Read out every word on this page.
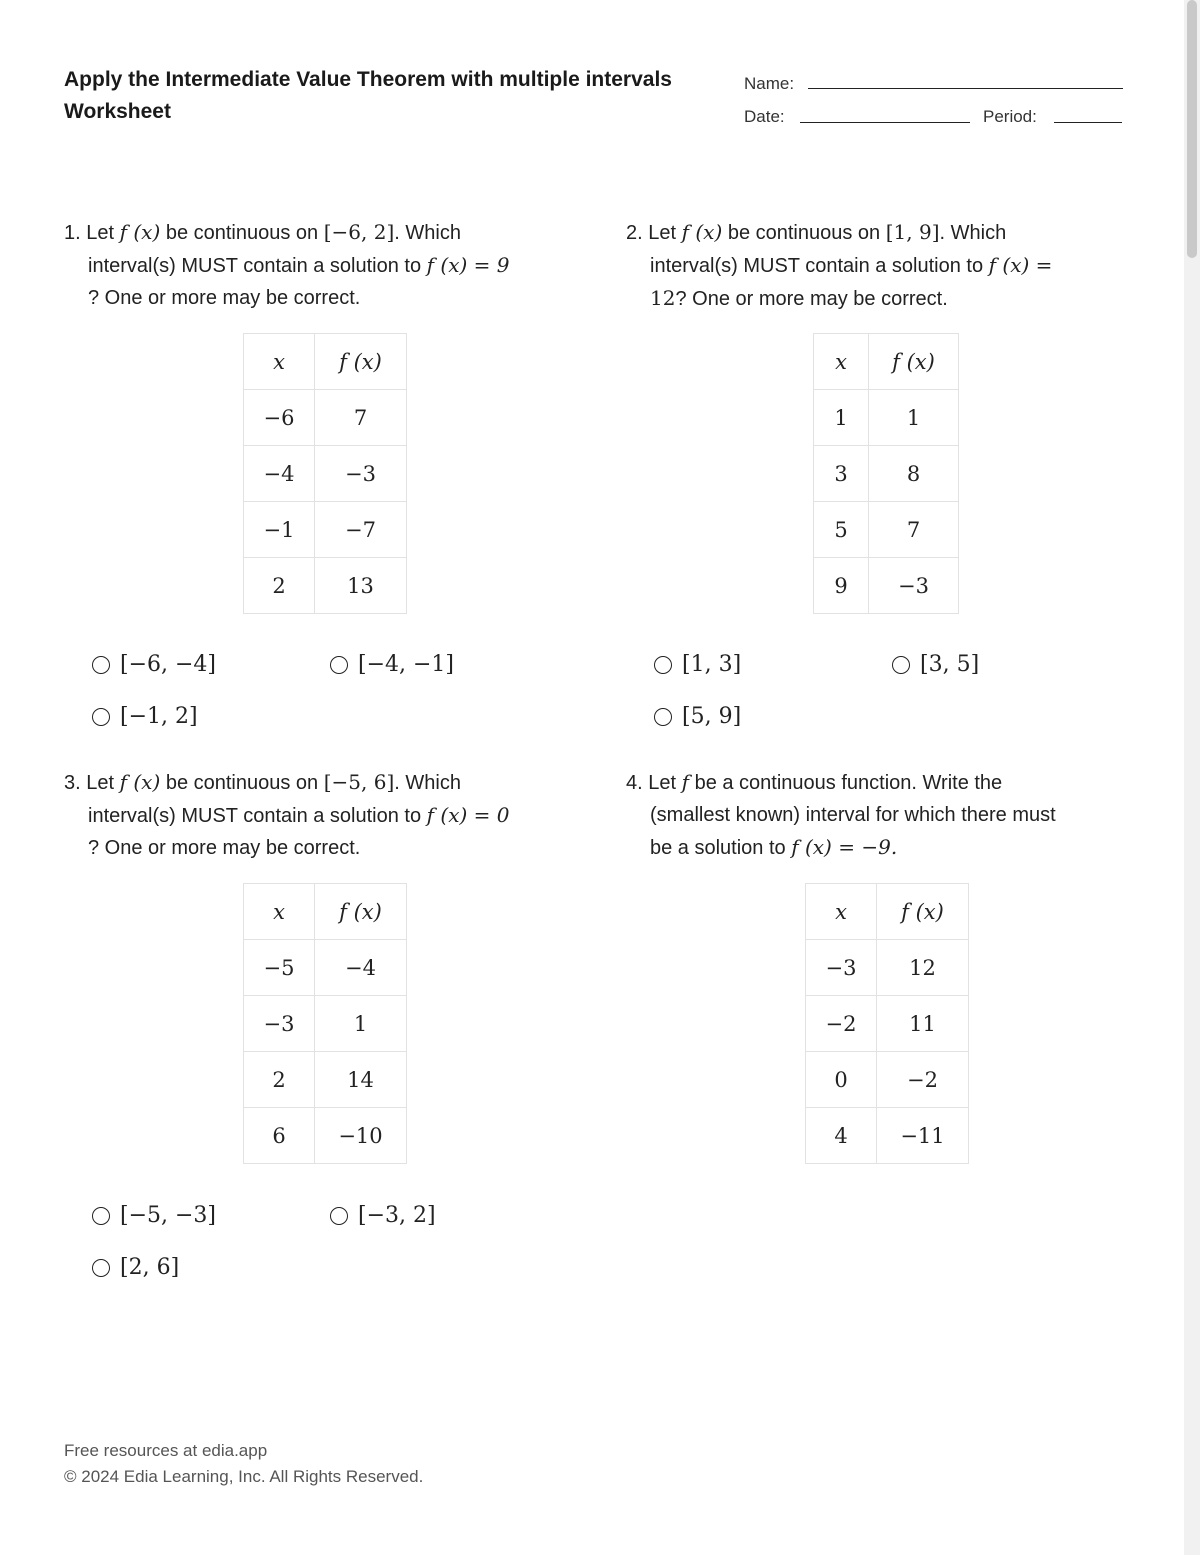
Apply the Intermediate Value Theorem with multiple intervals
Worksheet
Name:
Date:	Period:
1. Let f (x) be continuous on [−6, 2]. Which
interval(s) MUST contain a solution to f (x) = 9
? One or more may be correct.
x	f (x)
−6	7
−4	−3
−1	−7
2	13
[−6, −4]	[−4, −1]
[−1, 2]
2. Let f (x) be continuous on [1, 9]. Which
interval(s) MUST contain a solution to f (x) =
12? One or more may be correct.
x	f (x)
1	1
3	8
5	7
9	−3
[1, 3]	[3, 5]
[5, 9]
3. Let f (x) be continuous on [−5, 6]. Which
interval(s) MUST contain a solution to f (x) = 0
? One or more may be correct.
x	f (x)
−5	−4
−3	1
2	14
6	−10
[−5, −3]	[−3, 2]
[2, 6]
4. Let f be a continuous function. Write the
(smallest known) interval for which there must
be a solution to f (x) = −9.
x	f (x)
−3	12
−2	11
0	−2
4	−11
Free resources at edia.app
© 2024 Edia Learning, Inc. All Rights Reserved.
